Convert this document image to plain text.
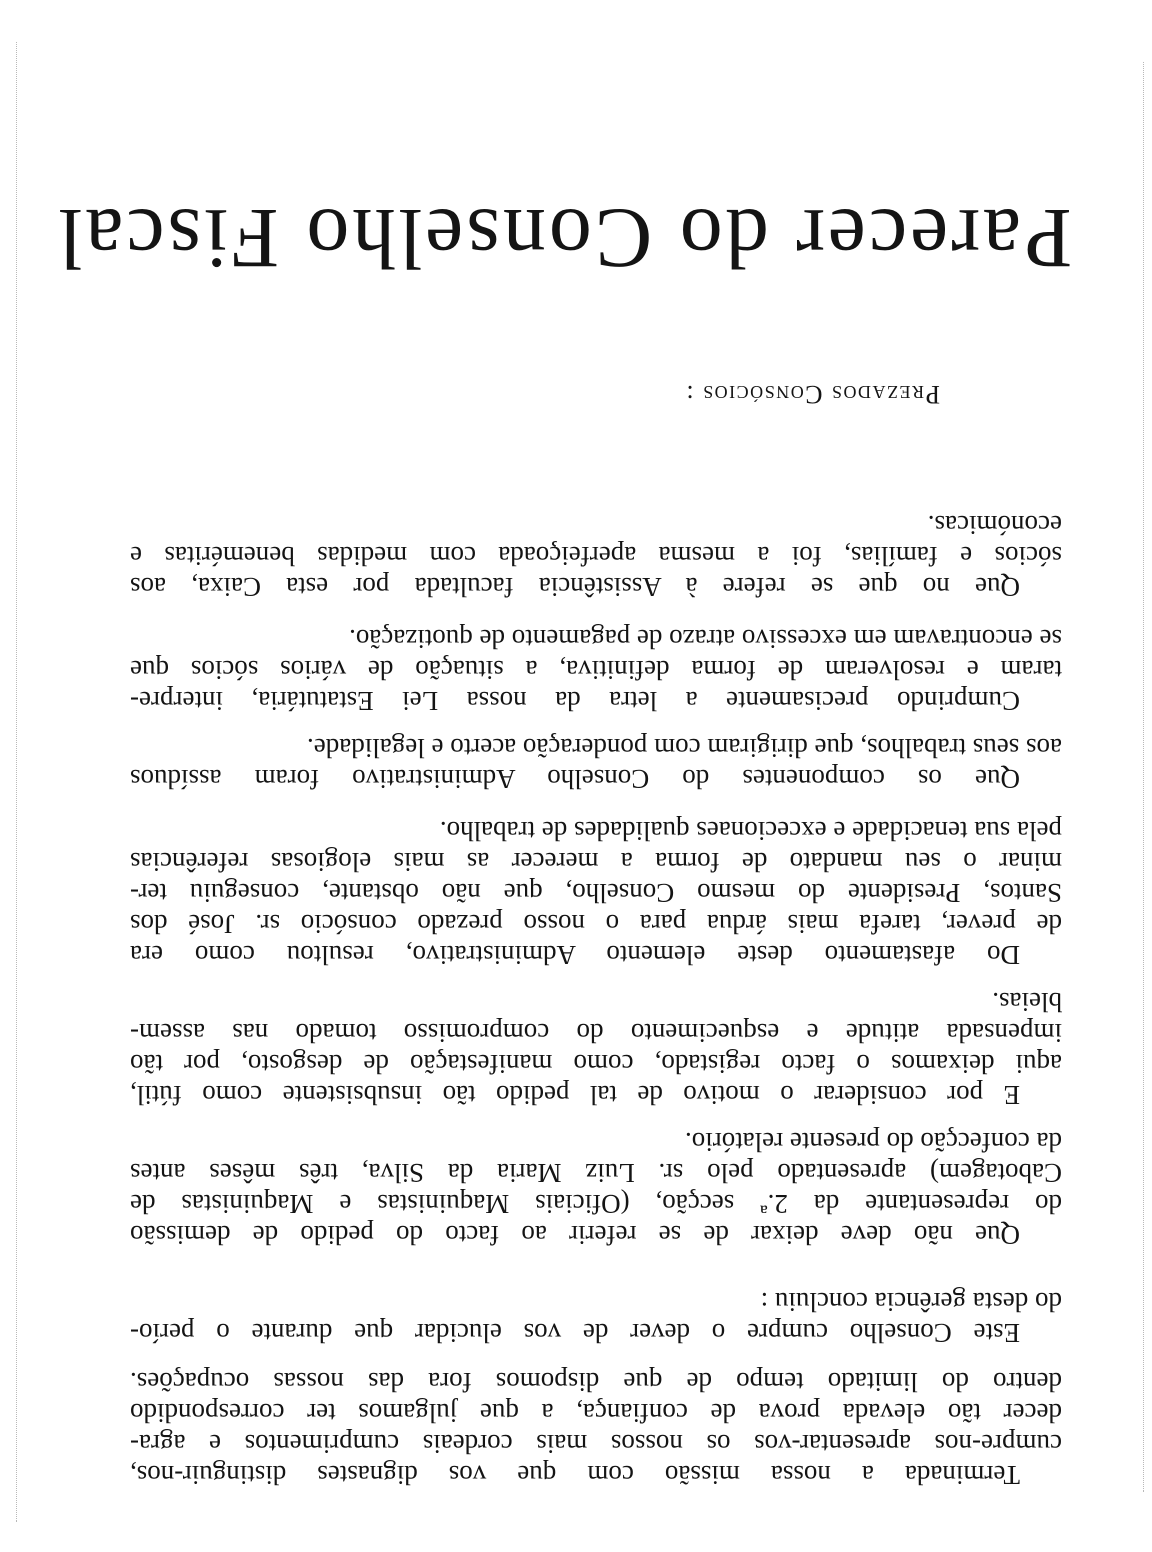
Parecer do Conselho Fiscal
Prezados Consócios :
Terminada a nossa missão com que vos dignastes distinguir-nos,
cumpre-nos apresentar-vos os nossos mais cordeais cumprimentos e agra-
decer tão elevada prova de confiança, a que julgamos ter correspondido
dentro do limitado tempo de que dispomos fora das nossas ocupações.
Este Conselho cumpre o dever de vos elucidar que durante o perío-
do desta gerência concluiu :
Que não deve deixar de se referir ao facto do pedido de demissão
do representante da 2.ª secção, (Oficiais Maquinistas e Maquinistas de
Cabotagem) apresentado pelo sr. Luiz Maria da Silva, três mêses antes
da confecção do presente relatório.
E por considerar o motivo de tal pedido tão insubsistente como fútil,
aqui deixamos o facto registado, como manifestação de desgosto, por tão
impensada atitude e esquecimento do compromisso tomado nas assem-
bleias.
Do afastamento deste elemento Administrativo, resultou como era
de prever, tarefa mais árdua para o nosso prezado consócio sr. José dos
Santos, Presidente do mesmo Conselho, que não obstante, conseguiu ter-
minar o seu mandato de forma a merecer as mais elogiosas referências
pela sua tenacidade e excecionaes qualidades de trabalho.
Que os componentes do Conselho Administrativo foram assíduos
aos seus trabalhos, que dirigiram com ponderação acerto e legalidade.
Cumprindo precisamente a letra da nossa Lei Estatutária, interpre-
taram e resolveram de forma definitiva, a situação de vários sócios que
se encontravam em excessivo atrazo de pagamento de quotização.
Que no que se refere à Assistência facultada por esta Caixa, aos
sócios e famílias, foi a mesma aperfeiçoada com medidas beneméritas e
económicas.
